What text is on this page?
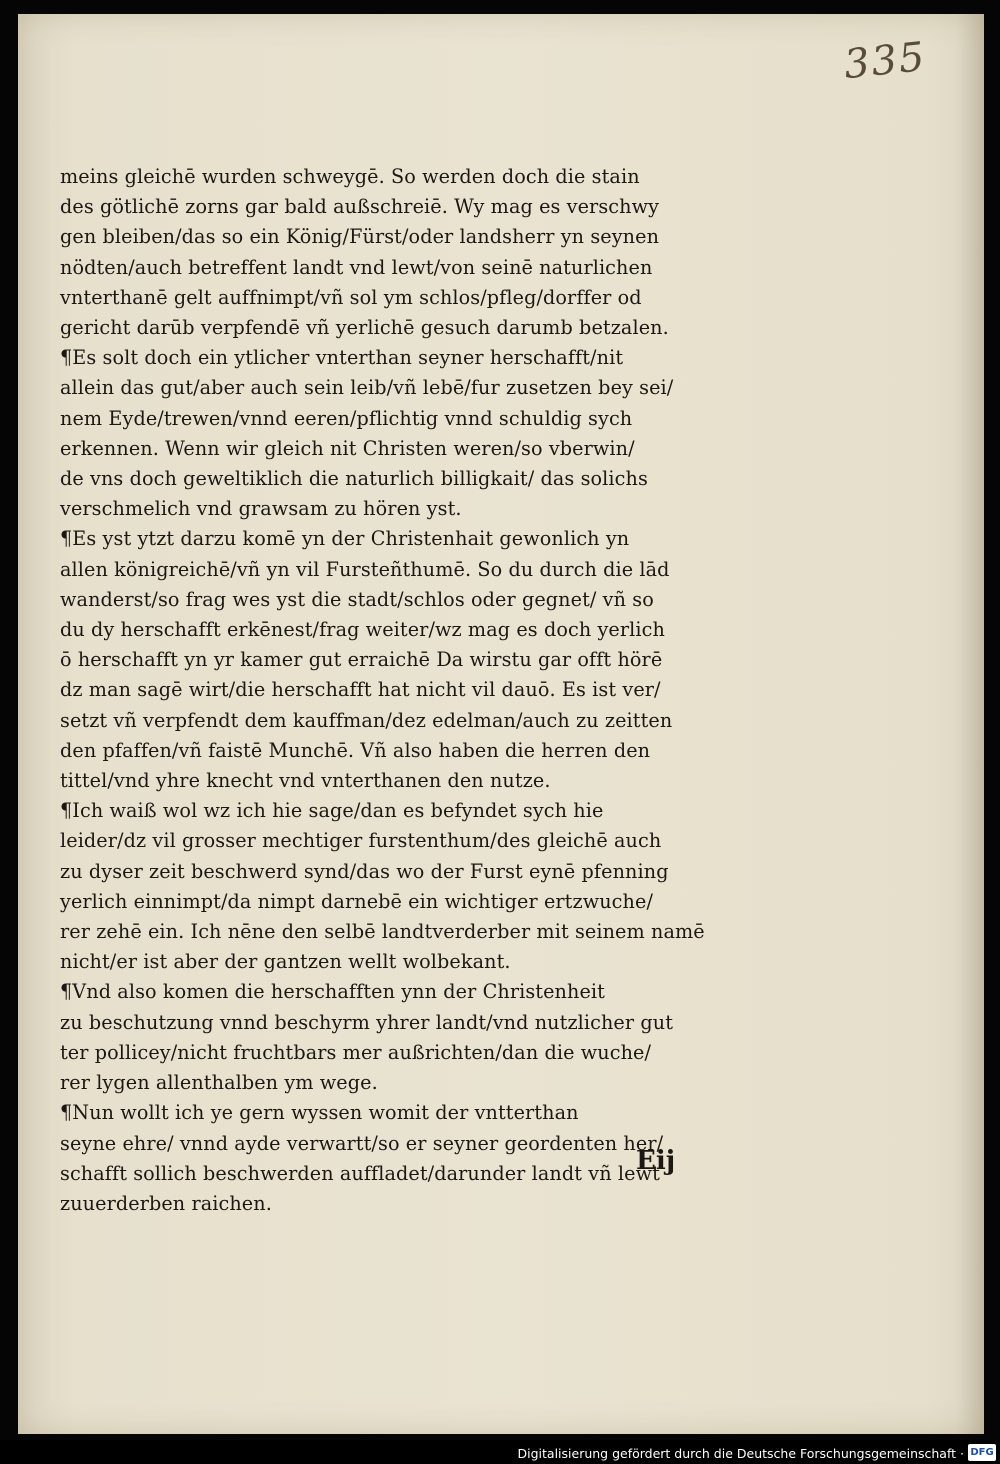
335
meins gleichē wurden schweygē. So werden doch die stain
des götlichē zorns gar bald außschreiē. Wy mag es verschwy
gen bleiben/das so ein König/Fürst/oder landsherr yn seynen
nödten/auch betreffent landt vnd lewt/von seinē naturlichen
vnterthanē gelt auffnimpt/vñ sol ym schlos/pfleg/dorffer od
gericht darūb verpfendē vñ yerlichē gesuch darumb betzalen.
¶Es solt doch ein ytlicher vnterthan seyner herschafft/nit
allein das gut/aber auch sein leib/vñ lebē/fur zusetzen bey sei/
nem Eyde/trewen/vnnd eeren/pflichtig vnnd schuldig sych
erkennen. Wenn wir gleich nit Christen weren/so vberwin/
de vns doch geweltiklich die naturlich billigkait/ das solichs
verschmelich vnd grawsam zu hören yst.
¶Es yst ytzt darzu komē yn der Christenhait gewonlich yn
allen königreichē/vñ yn vil Fursteñthumē. So du durch die lād
wanderst/so frag wes yst die stadt/schlos oder gegnet/ vñ so
du dy herschafft erkēnest/frag weiter/wz mag es doch yerlich
ō herschafft yn yr kamer gut erraichē Da wirstu gar offt hörē
dz man sagē wirt/die herschafft hat nicht vil dauō. Es ist ver/
setzt vñ verpfendt dem kauffman/dez edelman/auch zu zeitten
den pfaffen/vñ faistē Munchē. Vñ also haben die herren den
tittel/vnd yhre knecht vnd vnterthanen den nutze.
¶Ich waiß wol wz ich hie sage/dan es befyndet sych hie
leider/dz vil grosser mechtiger furstenthum/des gleichē auch
zu dyser zeit beschwerd synd/das wo der Furst eynē pfenning
yerlich einnimpt/da nimpt darnebē ein wichtiger ertzwuche/
rer zehē ein. Ich nēne den selbē landtverderber mit seinem namē
nicht/er ist aber der gantzen wellt wolbekant.
¶Vnd also komen die herschafften ynn der Christenheit
zu beschutzung vnnd beschyrm yhrer landt/vnd nutzlicher gut
ter pollicey/nicht fruchtbars mer außrichten/dan die wuche/
rer lygen allenthalben ym wege.
¶Nun wollt ich ye gern wyssen womit der vntterthan
seyne ehre/ vnnd ayde verwartt/so er seyner geordenten her/
schafft sollich beschwerden auffladet/darunder landt vñ lewt
zuuerderben raichen.
Eij
Digitalisierung gefördert durch die Deutsche Forschungsgemeinschaft · DFG
